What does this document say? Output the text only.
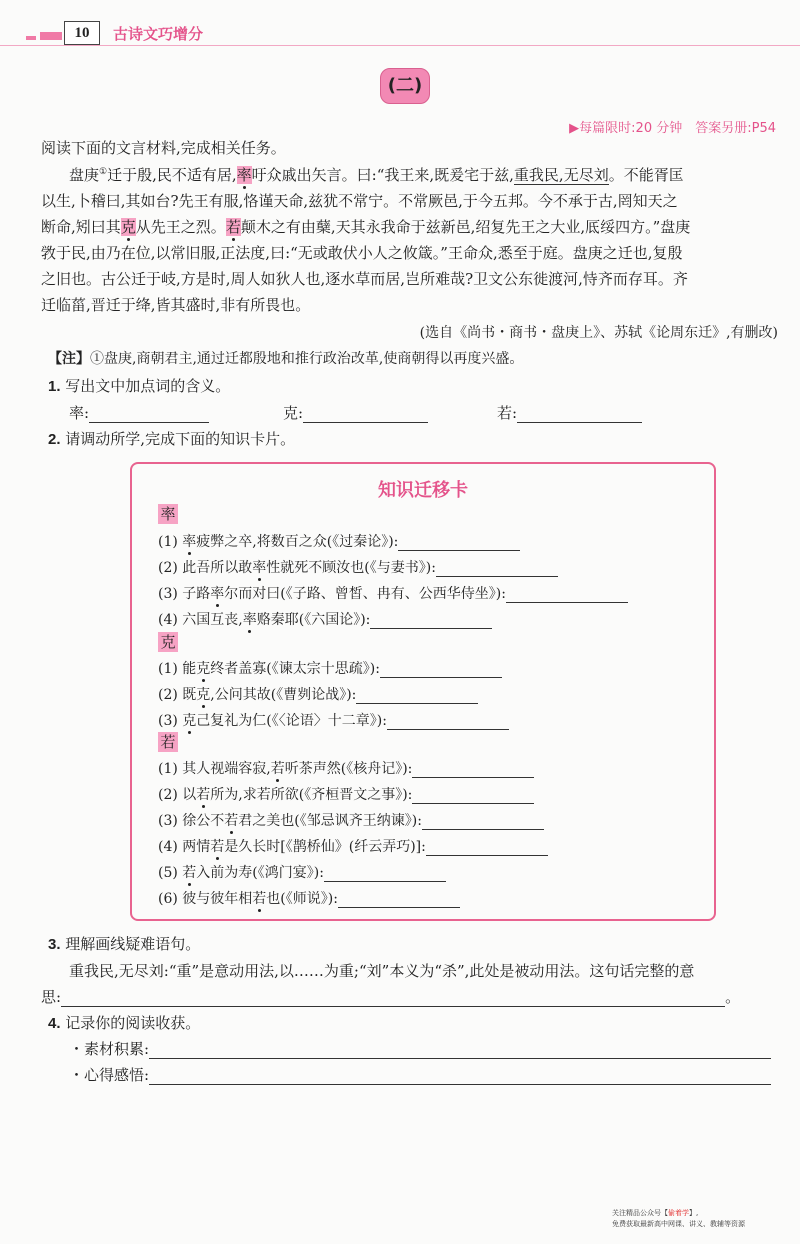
10	古诗文巧增分
(二)
▶每篇限时:20 分钟　答案另册:P54
阅读下面的文言材料,完成相关任务。
盘庚①迁于殷,民不适有居,率吁众戚出矢言。曰:“我王来,既爰宅于兹,重我民,无尽刘。不能胥匡
以生,卜稽曰,其如台?先王有服,恪谨天命,兹犹不常宁。不常厥邑,于今五邦。今不承于古,罔知天之
断命,矧曰其克从先王之烈。若颠木之有由蘖,天其永我命于兹新邑,绍复先王之大业,厎绥四方。”盘庚
敩于民,由乃在位,以常旧服,正法度,曰:“无或敢伏小人之攸箴。”王命众,悉至于庭。盘庚之迁也,复殷
之旧也。古公迁于岐,方是时,周人如狄人也,逐水草而居,岂所难哉?卫文公东徙渡河,恃齐而存耳。齐
迁临菑,晋迁于绛,皆其盛时,非有所畏也。
(选自《尚书・商书・盘庚上》、苏轼《论周东迁》,有删改)
【注】①盘庚,商朝君主,通过迁都殷地和推行政治改革,使商朝得以再度兴盛。
1. 写出文中加点词的含义。
率:	克:	若:
2. 请调动所学,完成下面的知识卡片。
知识迁移卡
率
(1) 率疲弊之卒,将数百之众(《过秦论》):
(2) 此吾所以敢率性就死不顾汝也(《与妻书》):
(3) 子路率尔而对曰(《子路、曾皙、冉有、公西华侍坐》):
(4) 六国互丧,率赂秦耶(《六国论》):
克
(1) 能克终者盖寡(《谏太宗十思疏》):
(2) 既克,公问其故(《曹刿论战》):
(3) 克己复礼为仁(《〈论语〉十二章》):
若
(1) 其人视端容寂,若听茶声然(《核舟记》):
(2) 以若所为,求若所欲(《齐桓晋文之事》):
(3) 徐公不若君之美也(《邹忌讽齐王纳谏》):
(4) 两情若是久长时[《鹊桥仙》(纤云弄巧)]:
(5) 若入前为寿(《鸿门宴》):
(6) 彼与彼年相若也(《师说》):
3. 理解画线疑难语句。
重我民,无尽刘:“重”是意动用法,以……为重;“刘”本义为“杀”,此处是被动用法。这句话完整的意
思:	。
4. 记录你的阅读收获。
・素材积累:
・心得感悟:
关注精品公众号【偷着学】,
免费获取最新高中网课、讲义、教辅等资源
